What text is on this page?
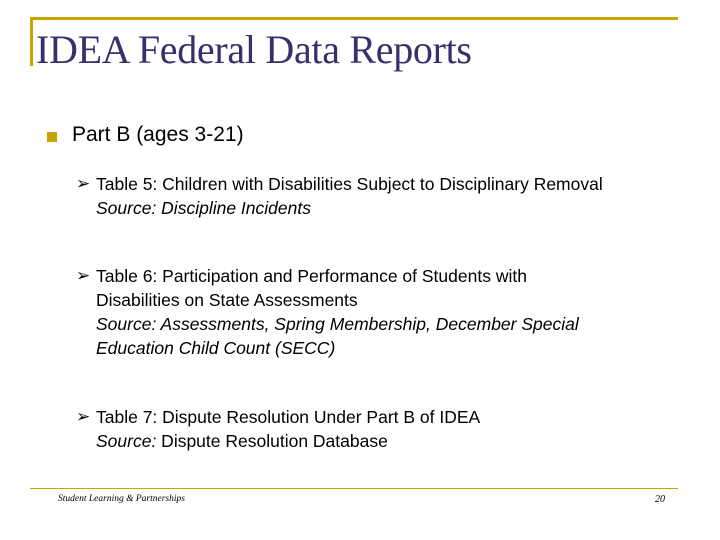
IDEA Federal Data Reports
Part B (ages 3-21)
➢ Table 5: Children with Disabilities Subject to Disciplinary Removal
Source: Discipline Incidents
➢ Table 6: Participation and Performance of Students with
Disabilities on State Assessments
Source: Assessments, Spring Membership, December Special
Education Child Count (SECC)
➢ Table 7: Dispute Resolution Under Part B of IDEA
Source: Dispute Resolution Database
Student Learning & Partnerships	20
